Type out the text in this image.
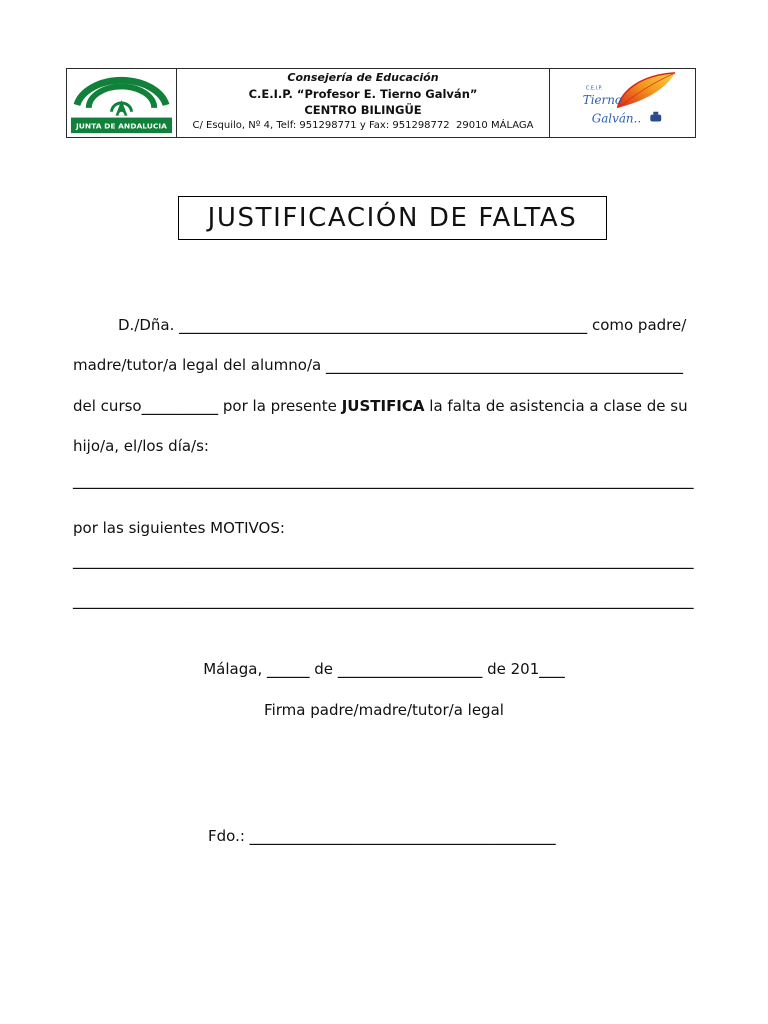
JUNTA DE ANDALUCIA
Consejería de Educación
C.E.I.P. “Profesor E. Tierno Galván”
CENTRO BILINGÜE
C/ Esquilo, Nº 4, Telf: 951298771 y Fax: 951298772  29010 MÁLAGA
C.E.I.P.
Tierno
Galván..
JUSTIFICACIÓN DE FALTAS
D./Dña. ________________________________________________ como padre/
madre/tutor/a legal del alumno/a __________________________________________
del curso_________ por la presente JUSTIFICA la falta de asistencia a clase de su
hijo/a, el/los día/s:
_________________________________________________________________________
por las siguientes MOTIVOS:
_________________________________________________________________________
_________________________________________________________________________
Málaga, _____ de _________________ de 201___
Firma padre/madre/tutor/a legal
Fdo.: ____________________________________
